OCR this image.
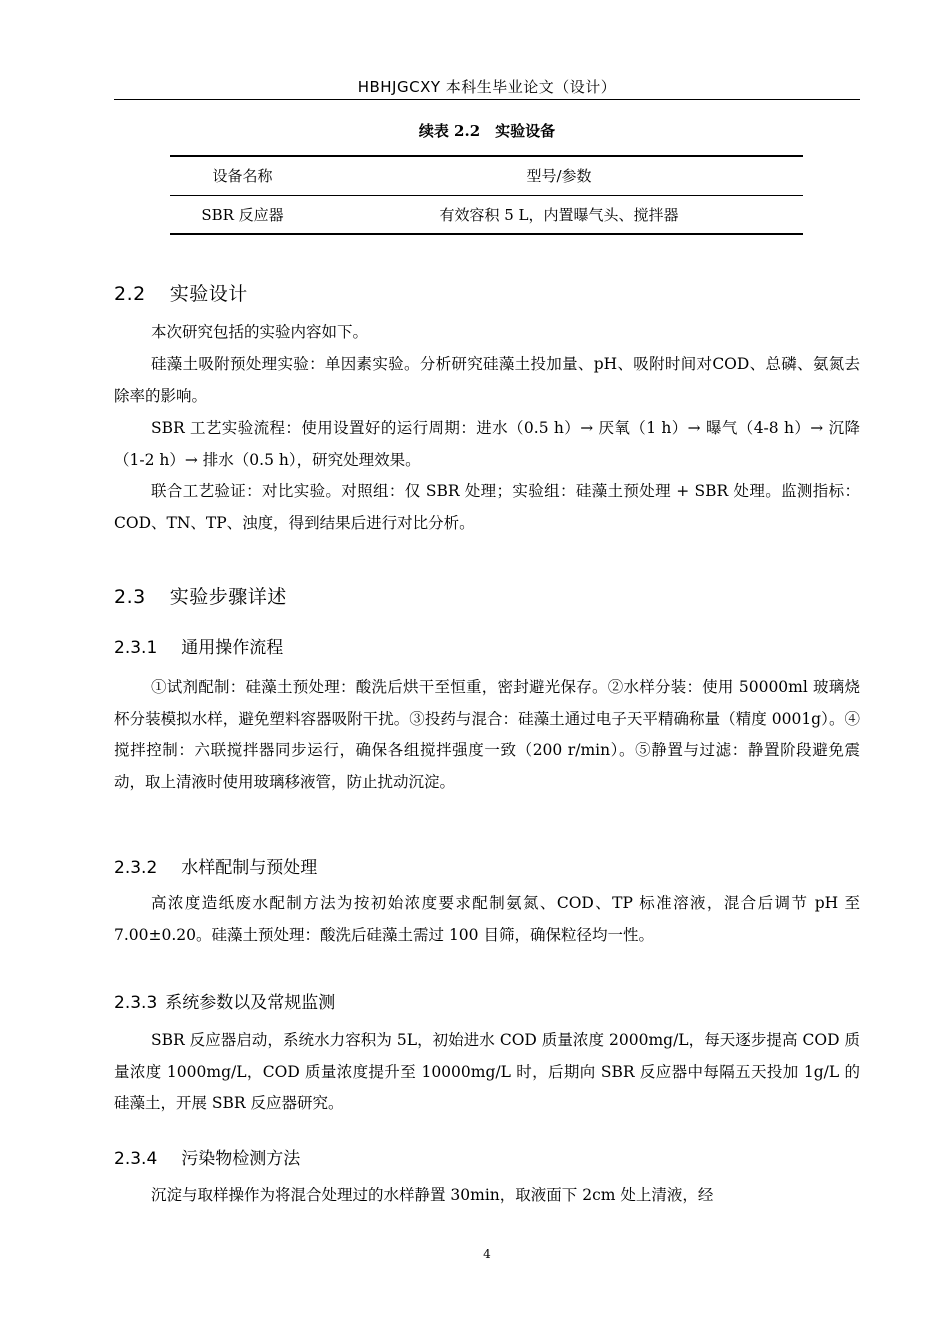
HBHJGCXY 本科生毕业论文（设计）
续表 2.2　实验设备
设备名称	型号/参数
SBR 反应器	有效容积 5 L，内置曝气头、搅拌器
2.2 实验设计

本次研究包括的实验内容如下。

硅藻土吸附预处理实验：单因素实验。分析研究硅藻土投加量、pH、吸附时间对COD、总磷、氨氮去除率的影响。

SBR 工艺实验流程：使用设置好的运行周期：进水（0.5 h）→ 厌氧（1 h）→ 曝气（4-8 h）→ 沉降（1-2 h）→ 排水（0.5 h），研究处理效果。

联合工艺验证：对比实验。对照组：仅 SBR 处理；实验组：硅藻土预处理 + SBR 处理。监测指标：COD、TN、TP、浊度，得到结果后进行对比分析。

2.3 实验步骤详述
2.3.1 通用操作流程

①试剂配制：硅藻土预处理：酸洗后烘干至恒重，密封避光保存。②水样分装：使用 50000ml 玻璃烧杯分装模拟水样，避免塑料容器吸附干扰。③投药与混合：硅藻土通过电子天平精确称量（精度 0001g）。④搅拌控制：六联搅拌器同步运行，确保各组搅拌强度一致（200 r/min）。⑤静置与过滤：静置阶段避免震动，取上清液时使用玻璃移液管，防止扰动沉淀。

2.3.2 水样配制与预处理

高浓度造纸废水配制方法为按初始浓度要求配制氨氮、COD、TP 标准溶液，混合后调节 pH 至 7.00±0.20。硅藻土预处理：酸洗后硅藻土需过 100 目筛，确保粒径均一性。

2.3.3 系统参数以及常规监测

SBR 反应器启动，系统水力容积为 5L，初始进水 COD 质量浓度 2000mg/L，每天逐步提高 COD 质量浓度 1000mg/L，COD 质量浓度提升至 10000mg/L 时，后期向 SBR 反应器中每隔五天投加 1g/L 的硅藻土，开展 SBR 反应器研究。

2.3.4 污染物检测方法

沉淀与取样操作为将混合处理过的水样静置 30min，取液面下 2cm 处上清液，经

4
